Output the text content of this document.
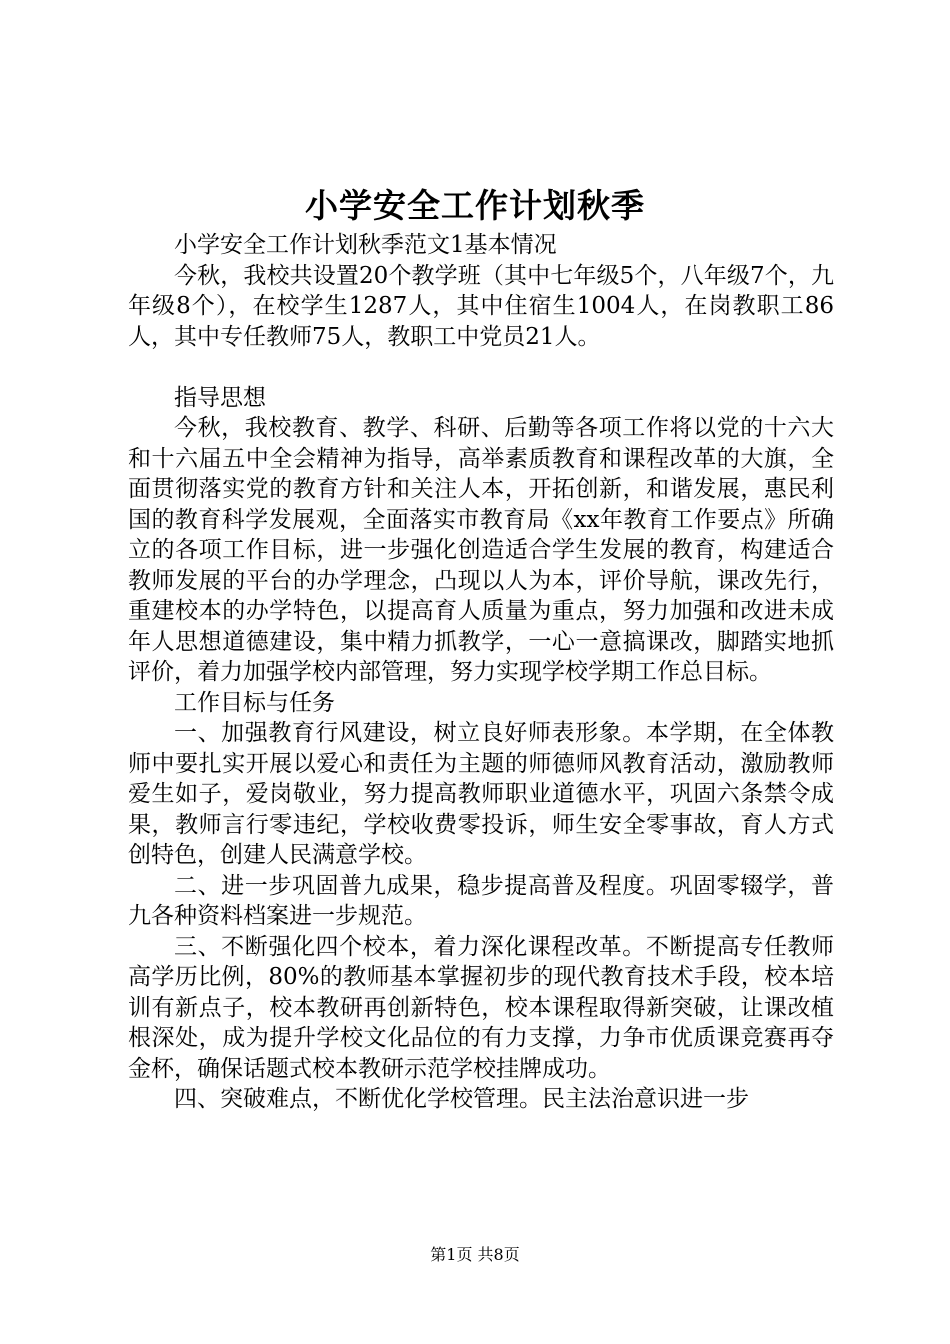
小学安全工作计划秋季

小学安全工作计划秋季范文1基本情况

今秋，我校共设置20个教学班（其中七年级5个，八年级7个，九年级8个），在校学生1287人，其中住宿生1004人，在岗教职工86人，其中专任教师75人，教职工中党员21人。

指导思想

今秋，我校教育、教学、科研、后勤等各项工作将以党的十六大和十六届五中全会精神为指导，高举素质教育和课程改革的大旗，全面贯彻落实党的教育方针和关注人本，开拓创新，和谐发展，惠民利国的教育科学发展观，全面落实市教育局《xx年教育工作要点》所确立的各项工作目标，进一步强化创造适合学生发展的教育，构建适合教师发展的平台的办学理念，凸现以人为本，评价导航，课改先行，重建校本的办学特色，以提高育人质量为重点，努力加强和改进未成年人思想道德建设，集中精力抓教学，一心一意搞课改，脚踏实地抓评价，着力加强学校内部管理，努力实现学校学期工作总目标。

工作目标与任务

一、加强教育行风建设，树立良好师表形象。本学期，在全体教师中要扎实开展以爱心和责任为主题的师德师风教育活动，激励教师爱生如子，爱岗敬业，努力提高教师职业道德水平，巩固六条禁令成果，教师言行零违纪，学校收费零投诉，师生安全零事故，育人方式创特色，创建人民满意学校。

二、进一步巩固普九成果，稳步提高普及程度。巩固零辍学，普九各种资料档案进一步规范。

三、不断强化四个校本，着力深化课程改革。不断提高专任教师高学历比例，80%的教师基本掌握初步的现代教育技术手段，校本培训有新点子，校本教研再创新特色，校本课程取得新突破，让课改植根深处，成为提升学校文化品位的有力支撑，力争市优质课竞赛再夺金杯，确保话题式校本教研示范学校挂牌成功。

四、突破难点，不断优化学校管理。民主法治意识进一步

第1页 共8页
